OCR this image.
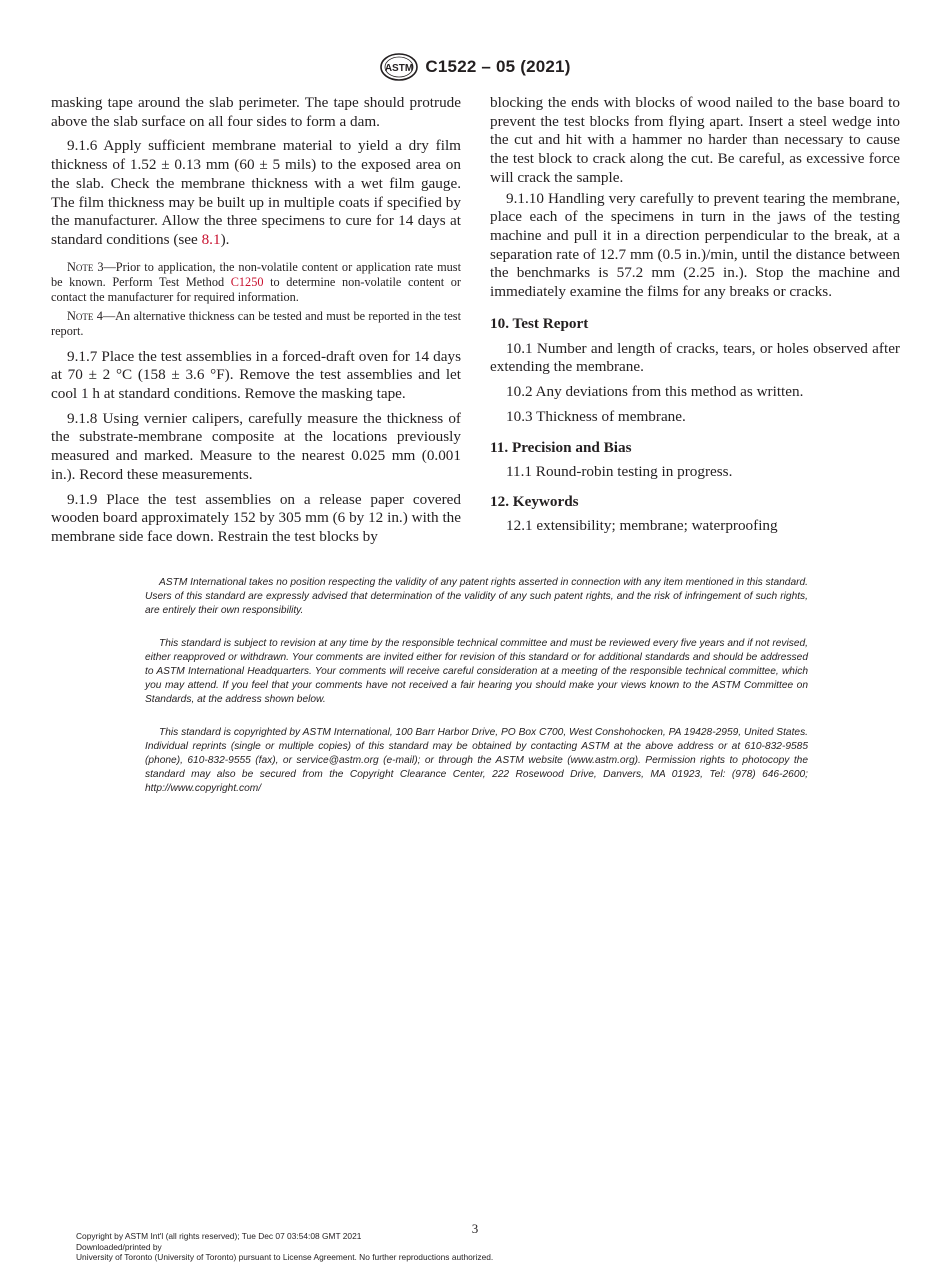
ASTM C1522 – 05 (2021)

masking tape around the slab perimeter. The tape should protrude above the slab surface on all four sides to form a dam.

9.1.6 Apply sufficient membrane material to yield a dry film thickness of 1.52 ± 0.13 mm (60 ± 5 mils) to the exposed area on the slab. Check the membrane thickness with a wet film gauge. The film thickness may be built up in multiple coats if specified by the manufacturer. Allow the three specimens to cure for 14 days at standard conditions (see 8.1).

Note 3—Prior to application, the non-volatile content or application rate must be known. Perform Test Method C1250 to determine non-volatile content or contact the manufacturer for required information.

Note 4—An alternative thickness can be tested and must be reported in the test report.

9.1.7 Place the test assemblies in a forced-draft oven for 14 days at 70 ± 2 °C (158 ± 3.6 °F). Remove the test assemblies and let cool 1 h at standard conditions. Remove the masking tape.

9.1.8 Using vernier calipers, carefully measure the thickness of the substrate-membrane composite at the locations previously measured and marked. Measure to the nearest 0.025 mm (0.001 in.). Record these measurements.

9.1.9 Place the test assemblies on a release paper covered wooden board approximately 152 by 305 mm (6 by 12 in.) with the membrane side face down. Restrain the test blocks by

blocking the ends with blocks of wood nailed to the base board to prevent the test blocks from flying apart. Insert a steel wedge into the cut and hit with a hammer no harder than necessary to cause the test block to crack along the cut. Be careful, as excessive force will crack the sample.

9.1.10 Handling very carefully to prevent tearing the membrane, place each of the specimens in turn in the jaws of the testing machine and pull it in a direction perpendicular to the break, at a separation rate of 12.7 mm (0.5 in.)/min, until the distance between the benchmarks is 57.2 mm (2.25 in.). Stop the machine and immediately examine the films for any breaks or cracks.

10. Test Report

10.1 Number and length of cracks, tears, or holes observed after extending the membrane.

10.2 Any deviations from this method as written.

10.3 Thickness of membrane.

11. Precision and Bias

11.1 Round-robin testing in progress.

12. Keywords

12.1 extensibility; membrane; waterproofing

ASTM International takes no position respecting the validity of any patent rights asserted in connection with any item mentioned in this standard. Users of this standard are expressly advised that determination of the validity of any such patent rights, and the risk of infringement of such rights, are entirely their own responsibility.

This standard is subject to revision at any time by the responsible technical committee and must be reviewed every five years and if not revised, either reapproved or withdrawn. Your comments are invited either for revision of this standard or for additional standards and should be addressed to ASTM International Headquarters. Your comments will receive careful consideration at a meeting of the responsible technical committee, which you may attend. If you feel that your comments have not received a fair hearing you should make your views known to the ASTM Committee on Standards, at the address shown below.

This standard is copyrighted by ASTM International, 100 Barr Harbor Drive, PO Box C700, West Conshohocken, PA 19428-2959, United States. Individual reprints (single or multiple copies) of this standard may be obtained by contacting ASTM at the above address or at 610-832-9585 (phone), 610-832-9555 (fax), or service@astm.org (e-mail); or through the ASTM website (www.astm.org). Permission rights to photocopy the standard may also be secured from the Copyright Clearance Center, 222 Rosewood Drive, Danvers, MA 01923, Tel: (978) 646-2600; http://www.copyright.com/

3
Copyright by ASTM Int'l (all rights reserved); Tue Dec 07 03:54:08 GMT 2021
Downloaded/printed by
University of Toronto (University of Toronto) pursuant to License Agreement. No further reproductions authorized.
